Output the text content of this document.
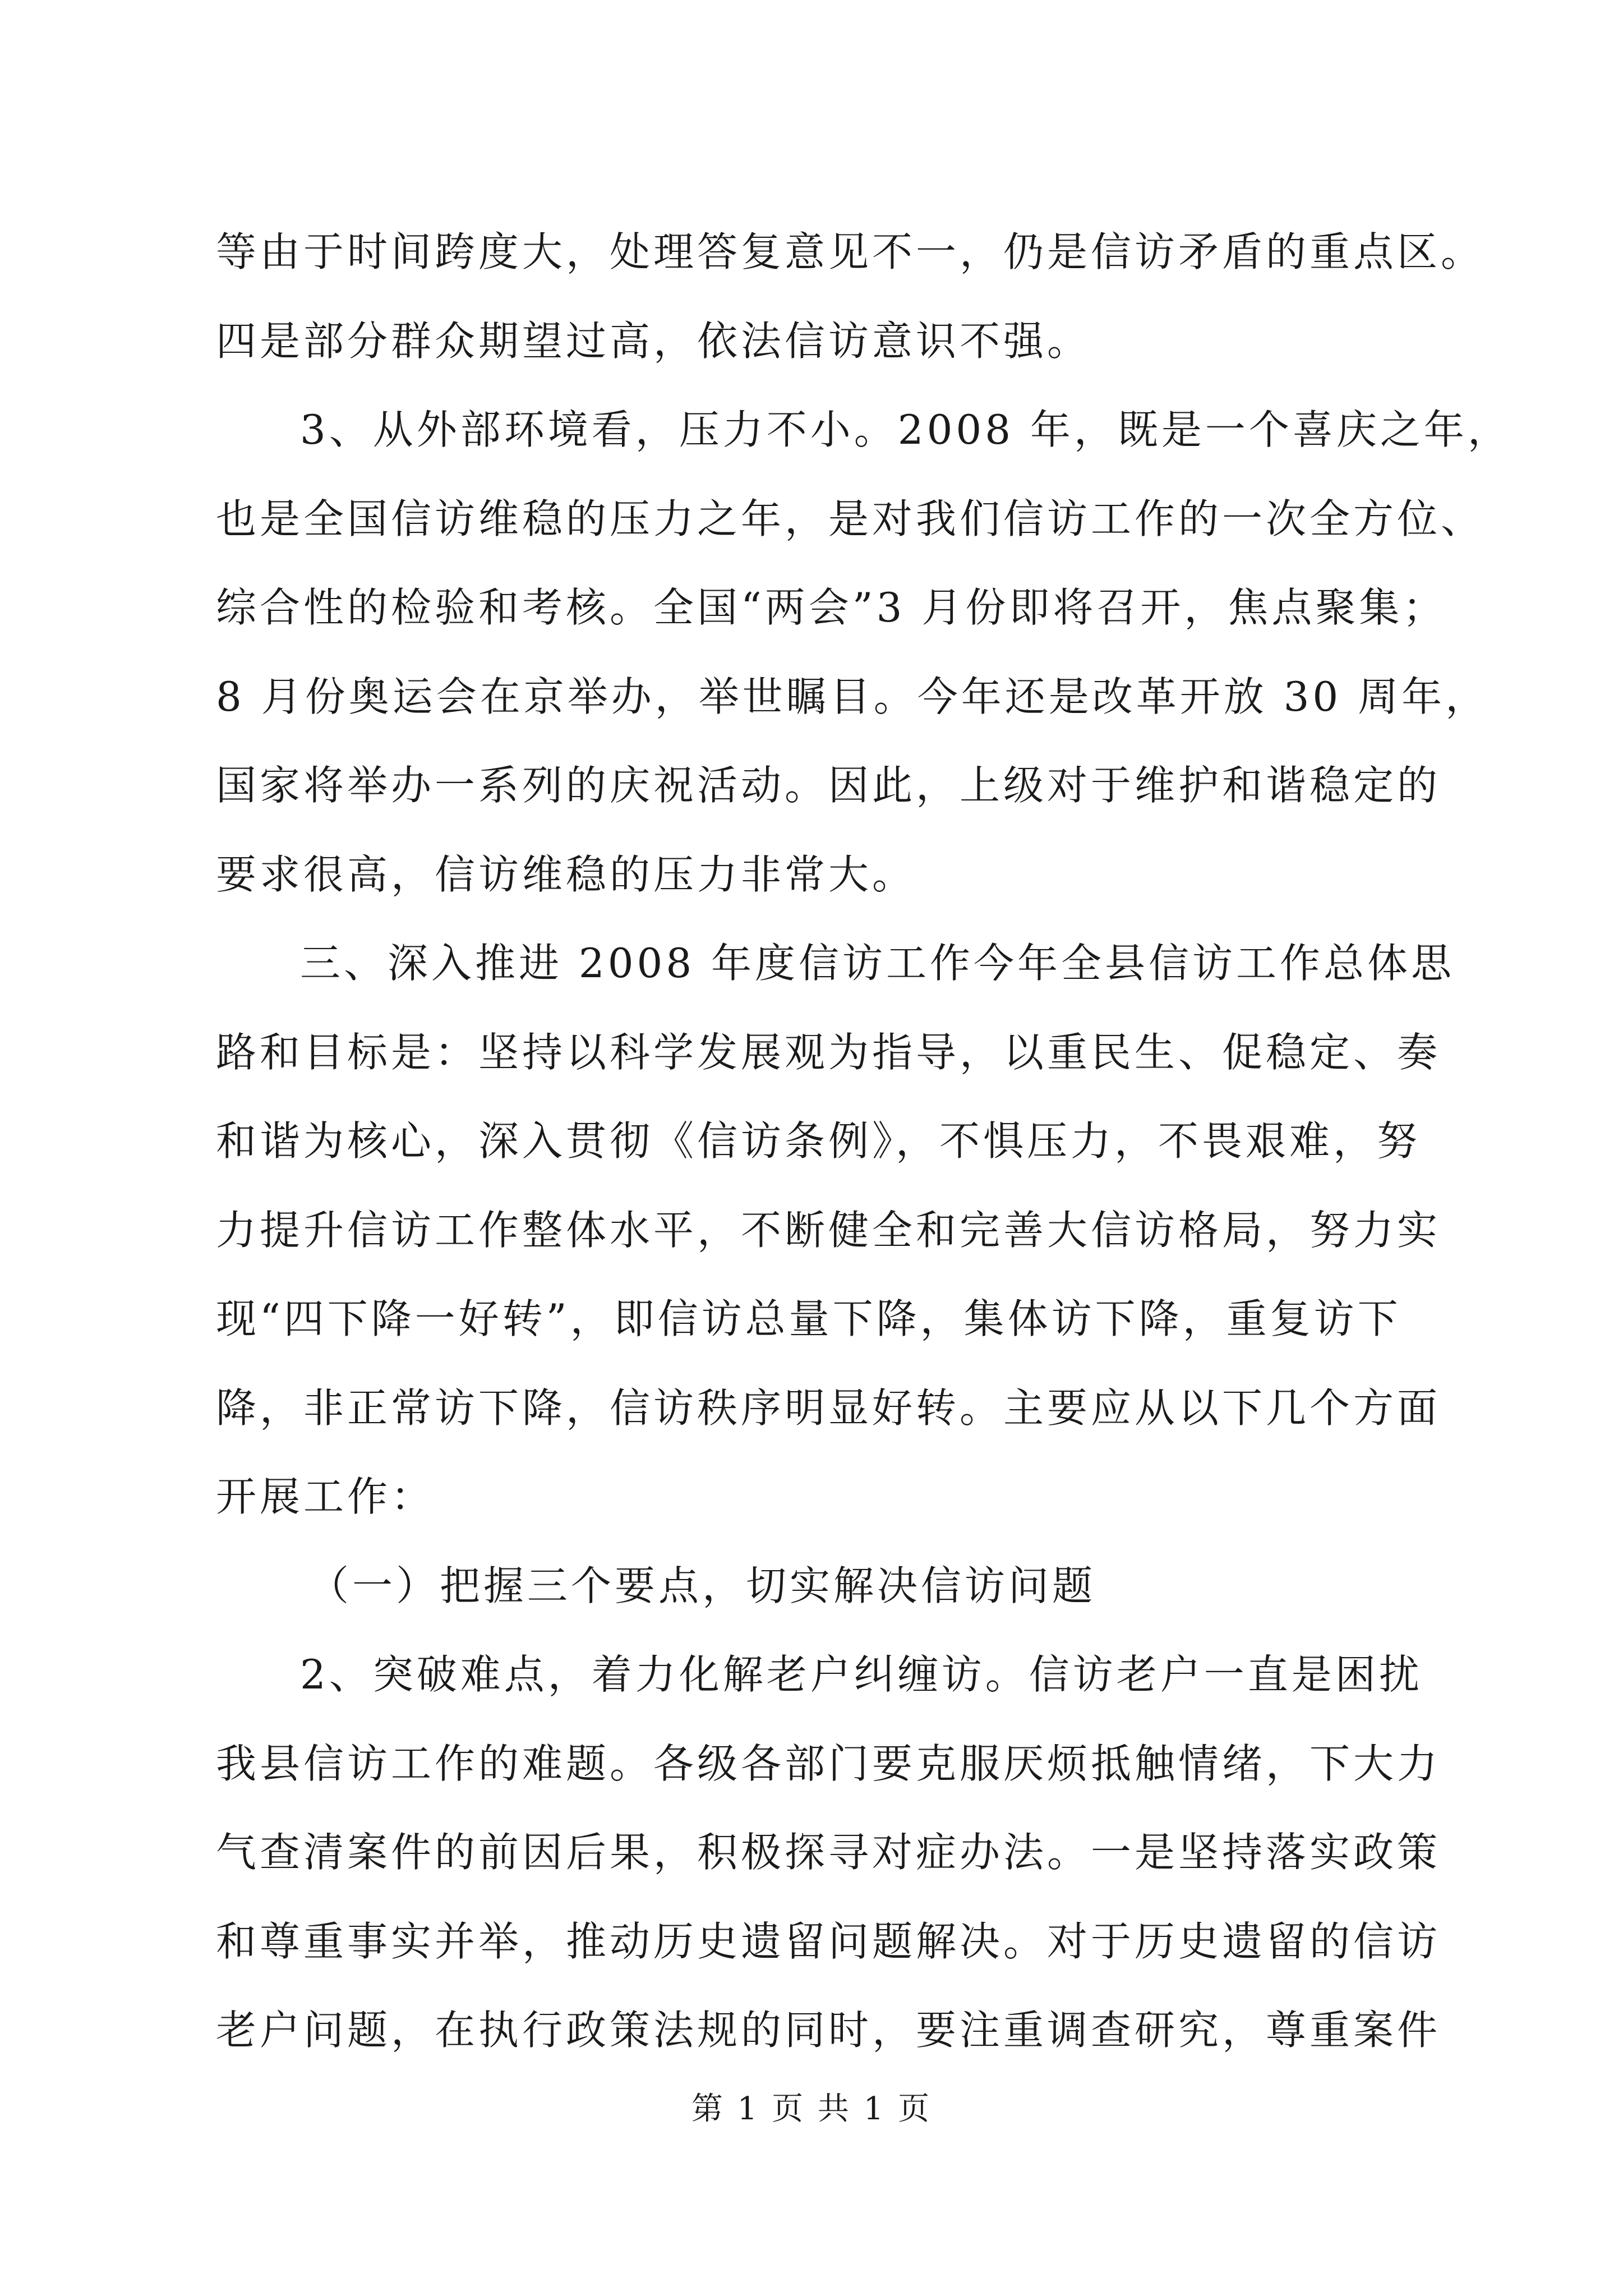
等由于时间跨度大，处理答复意见不一，仍是信访矛盾的重点区。
四是部分群众期望过高，依法信访意识不强。
3、从外部环境看，压力不小。2008 年，既是一个喜庆之年，
也是全国信访维稳的压力之年，是对我们信访工作的一次全方位、
综合性的检验和考核。全国“两会”3 月份即将召开，焦点聚集；
8 月份奥运会在京举办，举世瞩目。今年还是改革开放 30 周年，
国家将举办一系列的庆祝活动。因此，上级对于维护和谐稳定的
要求很高，信访维稳的压力非常大。
三、深入推进 2008 年度信访工作今年全县信访工作总体思
路和目标是：坚持以科学发展观为指导，以重民生、促稳定、奏
和谐为核心，深入贯彻《信访条例》，不惧压力，不畏艰难，努
力提升信访工作整体水平，不断健全和完善大信访格局，努力实
现“四下降一好转”，即信访总量下降，集体访下降，重复访下
降，非正常访下降，信访秩序明显好转。主要应从以下几个方面
开展工作：
（一）把握三个要点，切实解决信访问题
2、突破难点，着力化解老户纠缠访。信访老户一直是困扰
我县信访工作的难题。各级各部门要克服厌烦抵触情绪，下大力
气查清案件的前因后果，积极探寻对症办法。一是坚持落实政策
和尊重事实并举，推动历史遗留问题解决。对于历史遗留的信访
老户问题，在执行政策法规的同时，要注重调查研究，尊重案件
第 1 页 共 1 页
